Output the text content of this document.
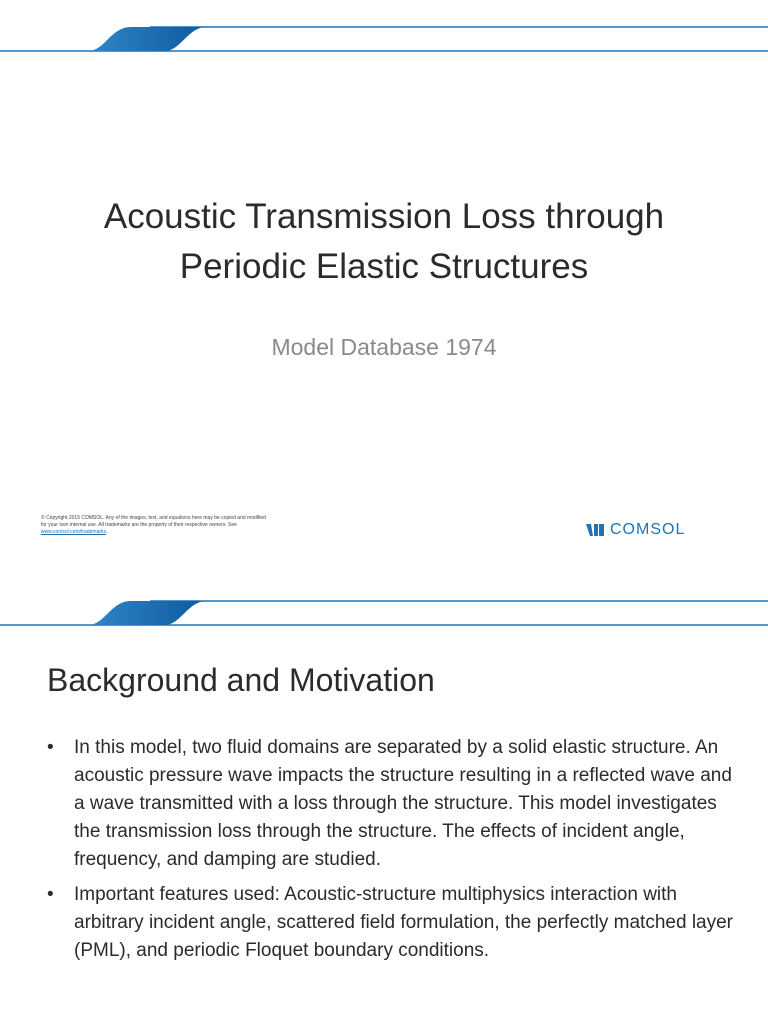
Acoustic Transmission Loss through
Periodic Elastic Structures
Model Database 1974
© Copyright 2015 COMSOL. Any of the images, text, and equations here may be copied and modified for your own internal use. All trademarks are the property of their respective owners. See www.comsol.com/trademarks.	COMSOL
Background and Motivation
• In this model, two fluid domains are separated by a solid elastic structure. An acoustic pressure wave impacts the structure resulting in a reflected wave and a wave transmitted with a loss through the structure. This model investigates the transmission loss through the structure. The effects of incident angle, frequency, and damping are studied.
• Important features used: Acoustic-structure multiphysics interaction with arbitrary incident angle, scattered field formulation, the perfectly matched layer (PML), and periodic Floquet boundary conditions.
